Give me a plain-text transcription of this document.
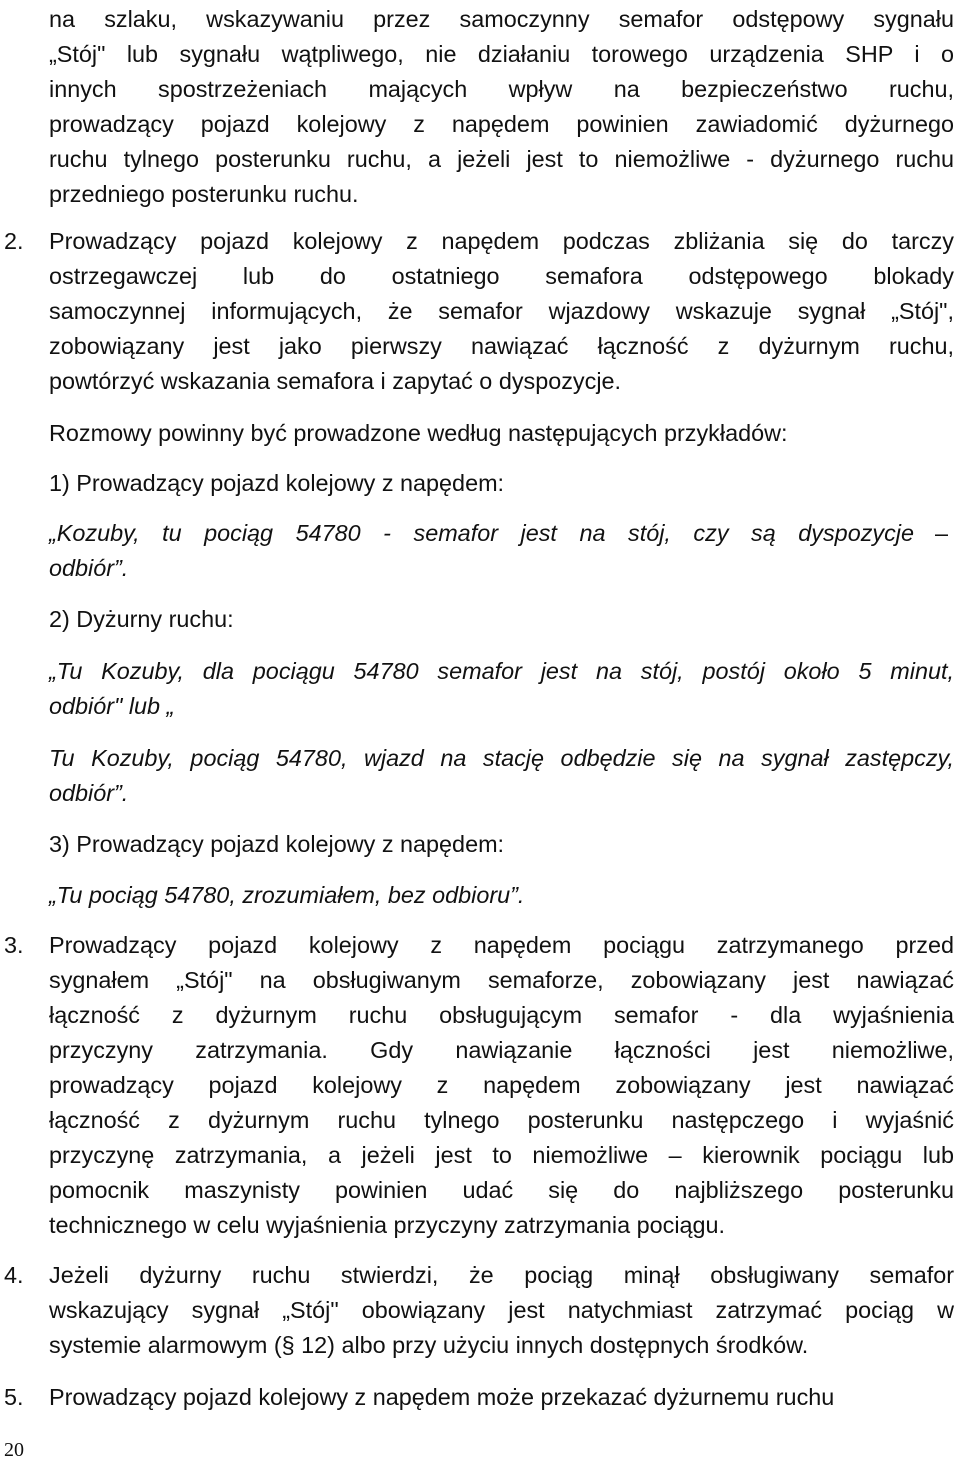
na szlaku, wskazywaniu przez samoczynny semafor odstępowy sygnału
„Stój" lub sygnału wątpliwego, nie działaniu torowego urządzenia SHP i o
innych spostrzeżeniach mających wpływ na bezpieczeństwo ruchu,
prowadzący pojazd kolejowy z napędem powinien zawiadomić dyżurnego
ruchu tylnego posterunku ruchu, a jeżeli jest to niemożliwe - dyżurnego ruchu
przedniego posterunku ruchu.
2. Prowadzący pojazd kolejowy z napędem podczas zbliżania się do tarczy
ostrzegawczej lub do ostatniego semafora odstępowego blokady
samoczynnej informujących, że semafor wjazdowy wskazuje sygnał „Stój",
zobowiązany jest jako pierwszy nawiązać łączność z dyżurnym ruchu,
powtórzyć wskazania semafora i zapytać o dyspozycje.
Rozmowy powinny być prowadzone według następujących przykładów:
1) Prowadzący pojazd kolejowy z napędem:
„Kozuby, tu pociąg 54780 - semafor jest na stój, czy są dyspozycje –
odbiór”.
2) Dyżurny ruchu:
„Tu Kozuby, dla pociągu 54780 semafor jest na stój, postój około 5 minut,
odbiór" lub „
Tu Kozuby, pociąg 54780, wjazd na stację odbędzie się na sygnał zastępczy,
odbiór”.
3) Prowadzący pojazd kolejowy z napędem:
„Tu pociąg 54780, zrozumiałem, bez odbioru”.
3. Prowadzący pojazd kolejowy z napędem pociągu zatrzymanego przed
sygnałem „Stój" na obsługiwanym semaforze, zobowiązany jest nawiązać
łączność z dyżurnym ruchu obsługującym semafor - dla wyjaśnienia
przyczyny zatrzymania. Gdy nawiązanie łączności jest niemożliwe,
prowadzący pojazd kolejowy z napędem zobowiązany jest nawiązać
łączność z dyżurnym ruchu tylnego posterunku następczego i wyjaśnić
przyczynę zatrzymania, a jeżeli jest to niemożliwe – kierownik pociągu lub
pomocnik maszynisty powinien udać się do najbliższego posterunku
technicznego w celu wyjaśnienia przyczyny zatrzymania pociągu.
4. Jeżeli dyżurny ruchu stwierdzi, że pociąg minął obsługiwany semafor
wskazujący sygnał „Stój" obowiązany jest natychmiast zatrzymać pociąg w
systemie alarmowym (§ 12) albo przy użyciu innych dostępnych środków.
5. Prowadzący pojazd kolejowy z napędem może przekazać dyżurnemu ruchu
20
